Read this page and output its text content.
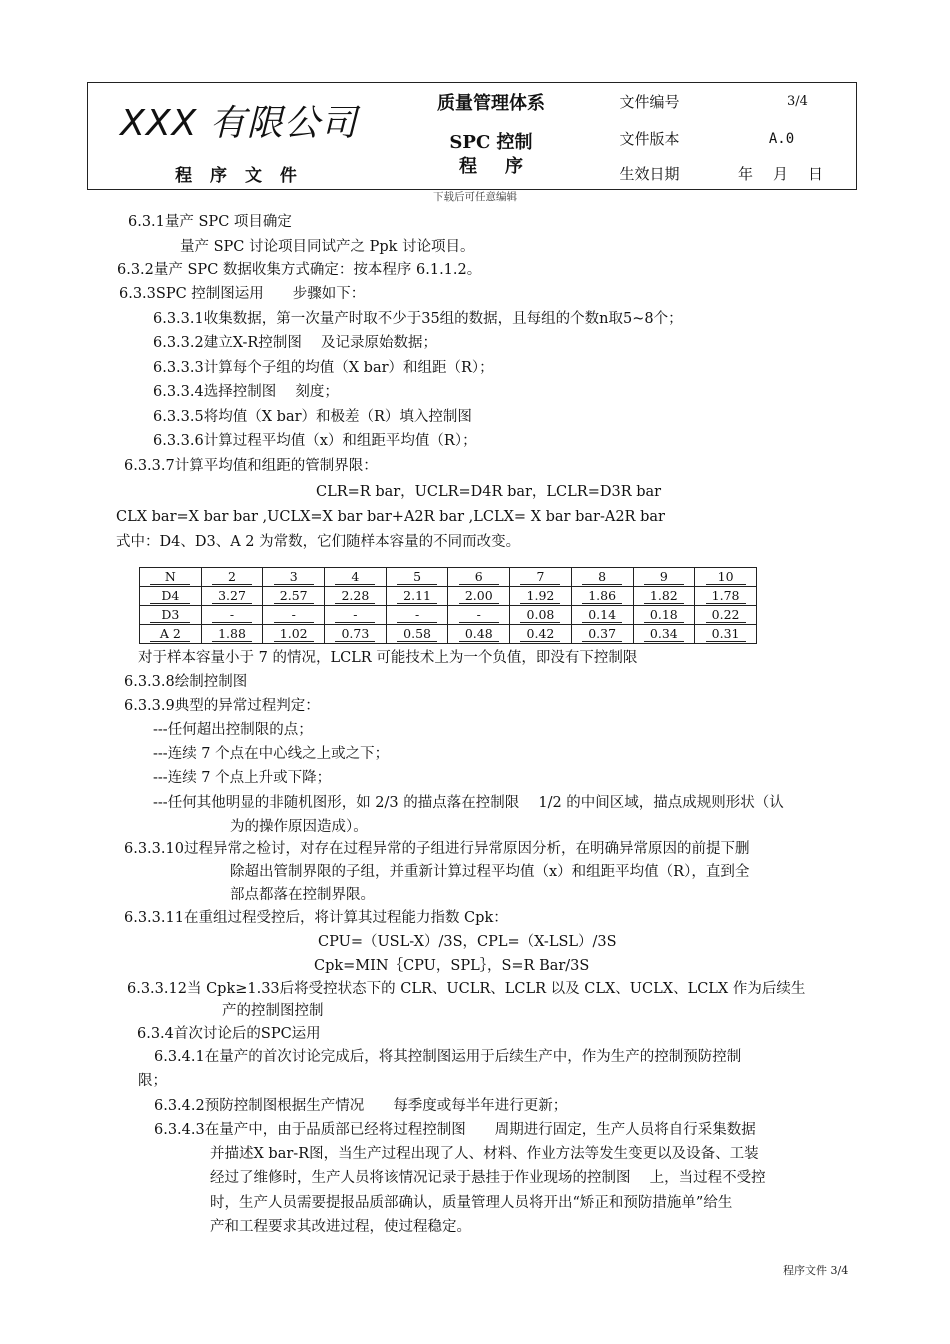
XXX 有限公司
程 序 文 件
质量管理体系
SPC 控制
程序
文件编号	3/4
文件版本	A.0
生效日期	年 月 日
下载后可任意编辑
6.3.1量产 SPC 项目确定
量产 SPC 讨论项目同试产之 Ppk 讨论项目。
6.3.2量产 SPC 数据收集方式确定：按本程序 6.1.1.2。
6.3.3SPC 控制图运用　　步骤如下：
6.3.3.1收集数据，第一次量产时取不少于35组的数据，且每组的个数n取5~8个；
6.3.3.2建立X-R控制图　 及记录原始数据；
6.3.3.3计算每个子组的均值（X bar）和组距（R）；
6.3.3.4选择控制图　 刻度；
6.3.3.5将均值（X bar）和极差（R）填入控制图
6.3.3.6计算过程平均值（x）和组距平均值（R）；
6.3.3.7计算平均值和组距的管制界限：
CLR=R bar，UCLR=D4R bar，LCLR=D3R bar
CLX bar=X bar bar ,UCLX=X bar bar+A2R bar ,LCLX= X bar bar-A2R bar
式中：D4、D3、A 2 为常数，它们随样本容量的不同而改变。
N	2	3	4	5	6	7	8	9	10
D4	3.27	2.57	2.28	2.11	2.00	1.92	1.86	1.82	1.78
D3	-	-	-	-	-	0.08	0.14	0.18	0.22
A 2	1.88	1.02	0.73	0.58	0.48	0.42	0.37	0.34	0.31
对于样本容量小于 7 的情况，LCLR 可能技术上为一个负值，即没有下控制限
6.3.3.8绘制控制图
6.3.3.9典型的异常过程判定：
---任何超出控制限的点；
---连续 7 个点在中心线之上或之下；
---连续 7 个点上升或下降；
---任何其他明显的非随机图形，如 2/3 的描点落在控制限　 1/2 的中间区域，描点成规则形状（认
为的操作原因造成）。
6.3.3.10过程异常之检讨，对存在过程异常的子组进行异常原因分析，在明确异常原因的前提下删
除超出管制界限的子组，并重新计算过程平均值（x）和组距平均值（R），直到全
部点都落在控制界限。
6.3.3.11在重组过程受控后，将计算其过程能力指数 Cpk：
CPU=（USL-X）/3S，CPL=（X-LSL）/3S
Cpk=MIN｛CPU，SPL｝，S=R Bar/3S
6.3.3.12当 Cpk≥1.33后将受控状态下的 CLR、UCLR、LCLR 以及 CLX、UCLX、LCLX 作为后续生
产的控制图控制
6.3.4首次讨论后的SPC运用
6.3.4.1在量产的首次讨论完成后，将其控制图运用于后续生产中，作为生产的控制预防控制
限；
6.3.4.2预防控制图根据生产情况　　每季度或每半年进行更新；
6.3.4.3在量产中，由于品质部已经将过程控制图　　周期进行固定，生产人员将自行采集数据
并描述X bar-R图，当生产过程出现了人、材料、作业方法等发生变更以及设备、工装
经过了维修时，生产人员将该情况记录于悬挂于作业现场的控制图　 上，当过程不受控
时，生产人员需要提报品质部确认，质量管理人员将开出“矫正和预防措施单”给生
产和工程要求其改进过程，使过程稳定。
程序文件 3/4
